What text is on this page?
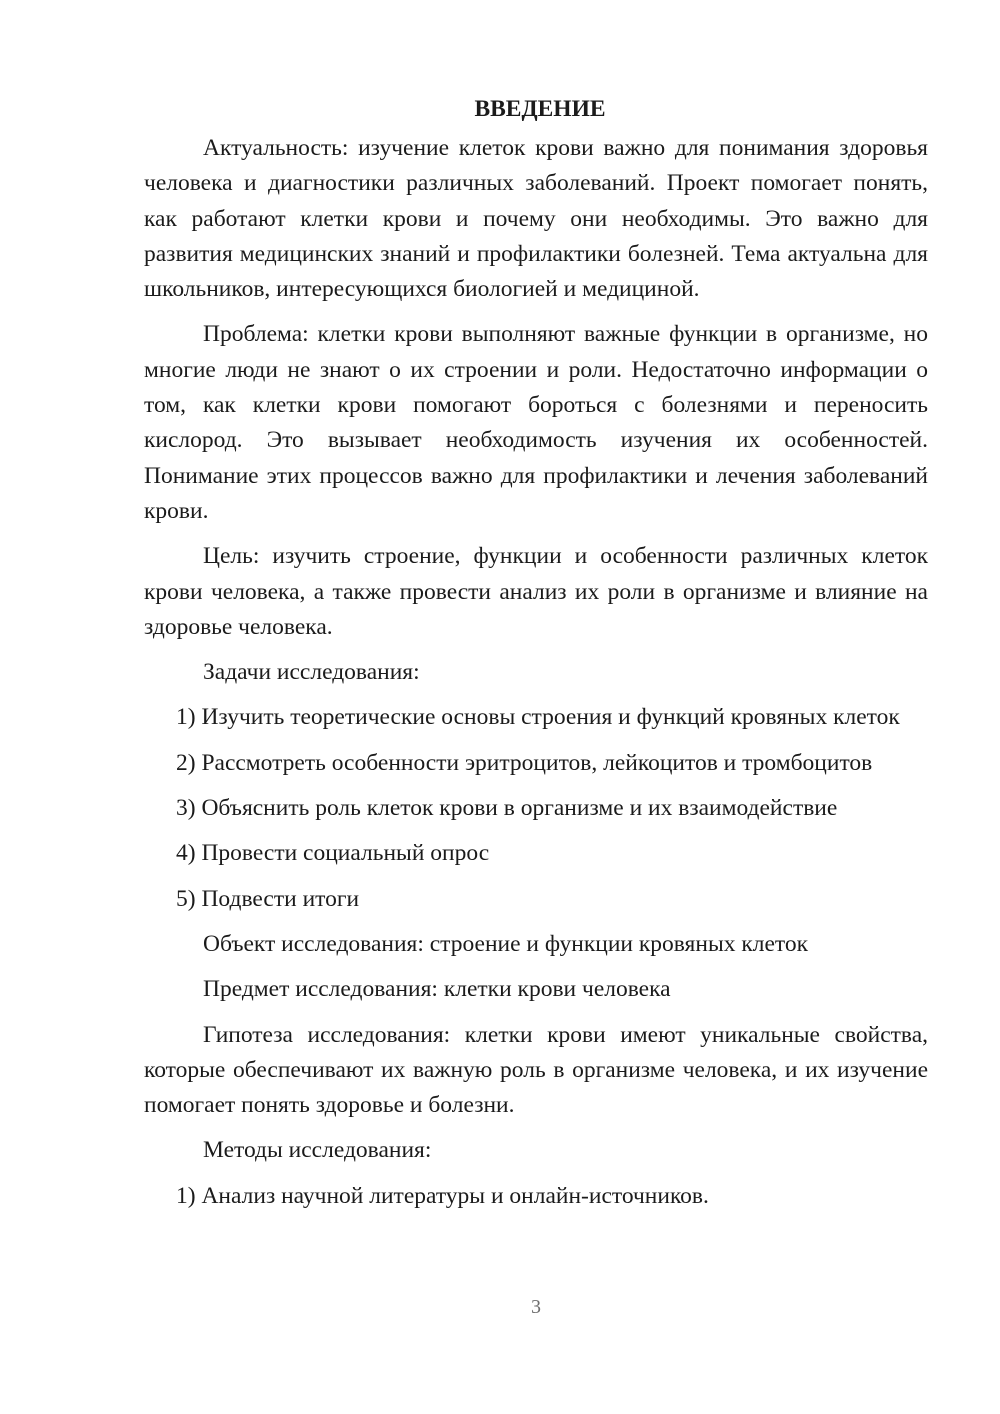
ВВЕДЕНИЕ

Актуальность: изучение клеток крови важно для понимания здоровья человека и диагностики различных заболеваний. Проект помогает понять, как работают клетки крови и почему они необходимы. Это важно для развития медицинских знаний и профилактики болезней. Тема актуальна для школьников, интересующихся биологией и медициной.

Проблема: клетки крови выполняют важные функции в организме, но многие люди не знают о их строении и роли. Недостаточно информации о том, как клетки крови помогают бороться с болезнями и переносить кислород. Это вызывает необходимость изучения их особенностей. Понимание этих процессов важно для профилактики и лечения заболеваний крови.

Цель: изучить строение, функции и особенности различных клеток крови человека, а также провести анализ их роли в организме и влияние на здоровье человека.

Задачи исследования:

1) Изучить теоретические основы строения и функций кровяных клеток

2) Рассмотреть особенности эритроцитов, лейкоцитов и тромбоцитов

3) Объяснить роль клеток крови в организме и их взаимодействие

4) Провести социальный опрос

5) Подвести итоги

Объект исследования: строение и функции кровяных клеток

Предмет исследования: клетки крови человека

Гипотеза исследования: клетки крови имеют уникальные свойства, которые обеспечивают их важную роль в организме человека, и их изучение помогает понять здоровье и болезни.

Методы исследования:

1) Анализ научной литературы и онлайн-источников.

3
